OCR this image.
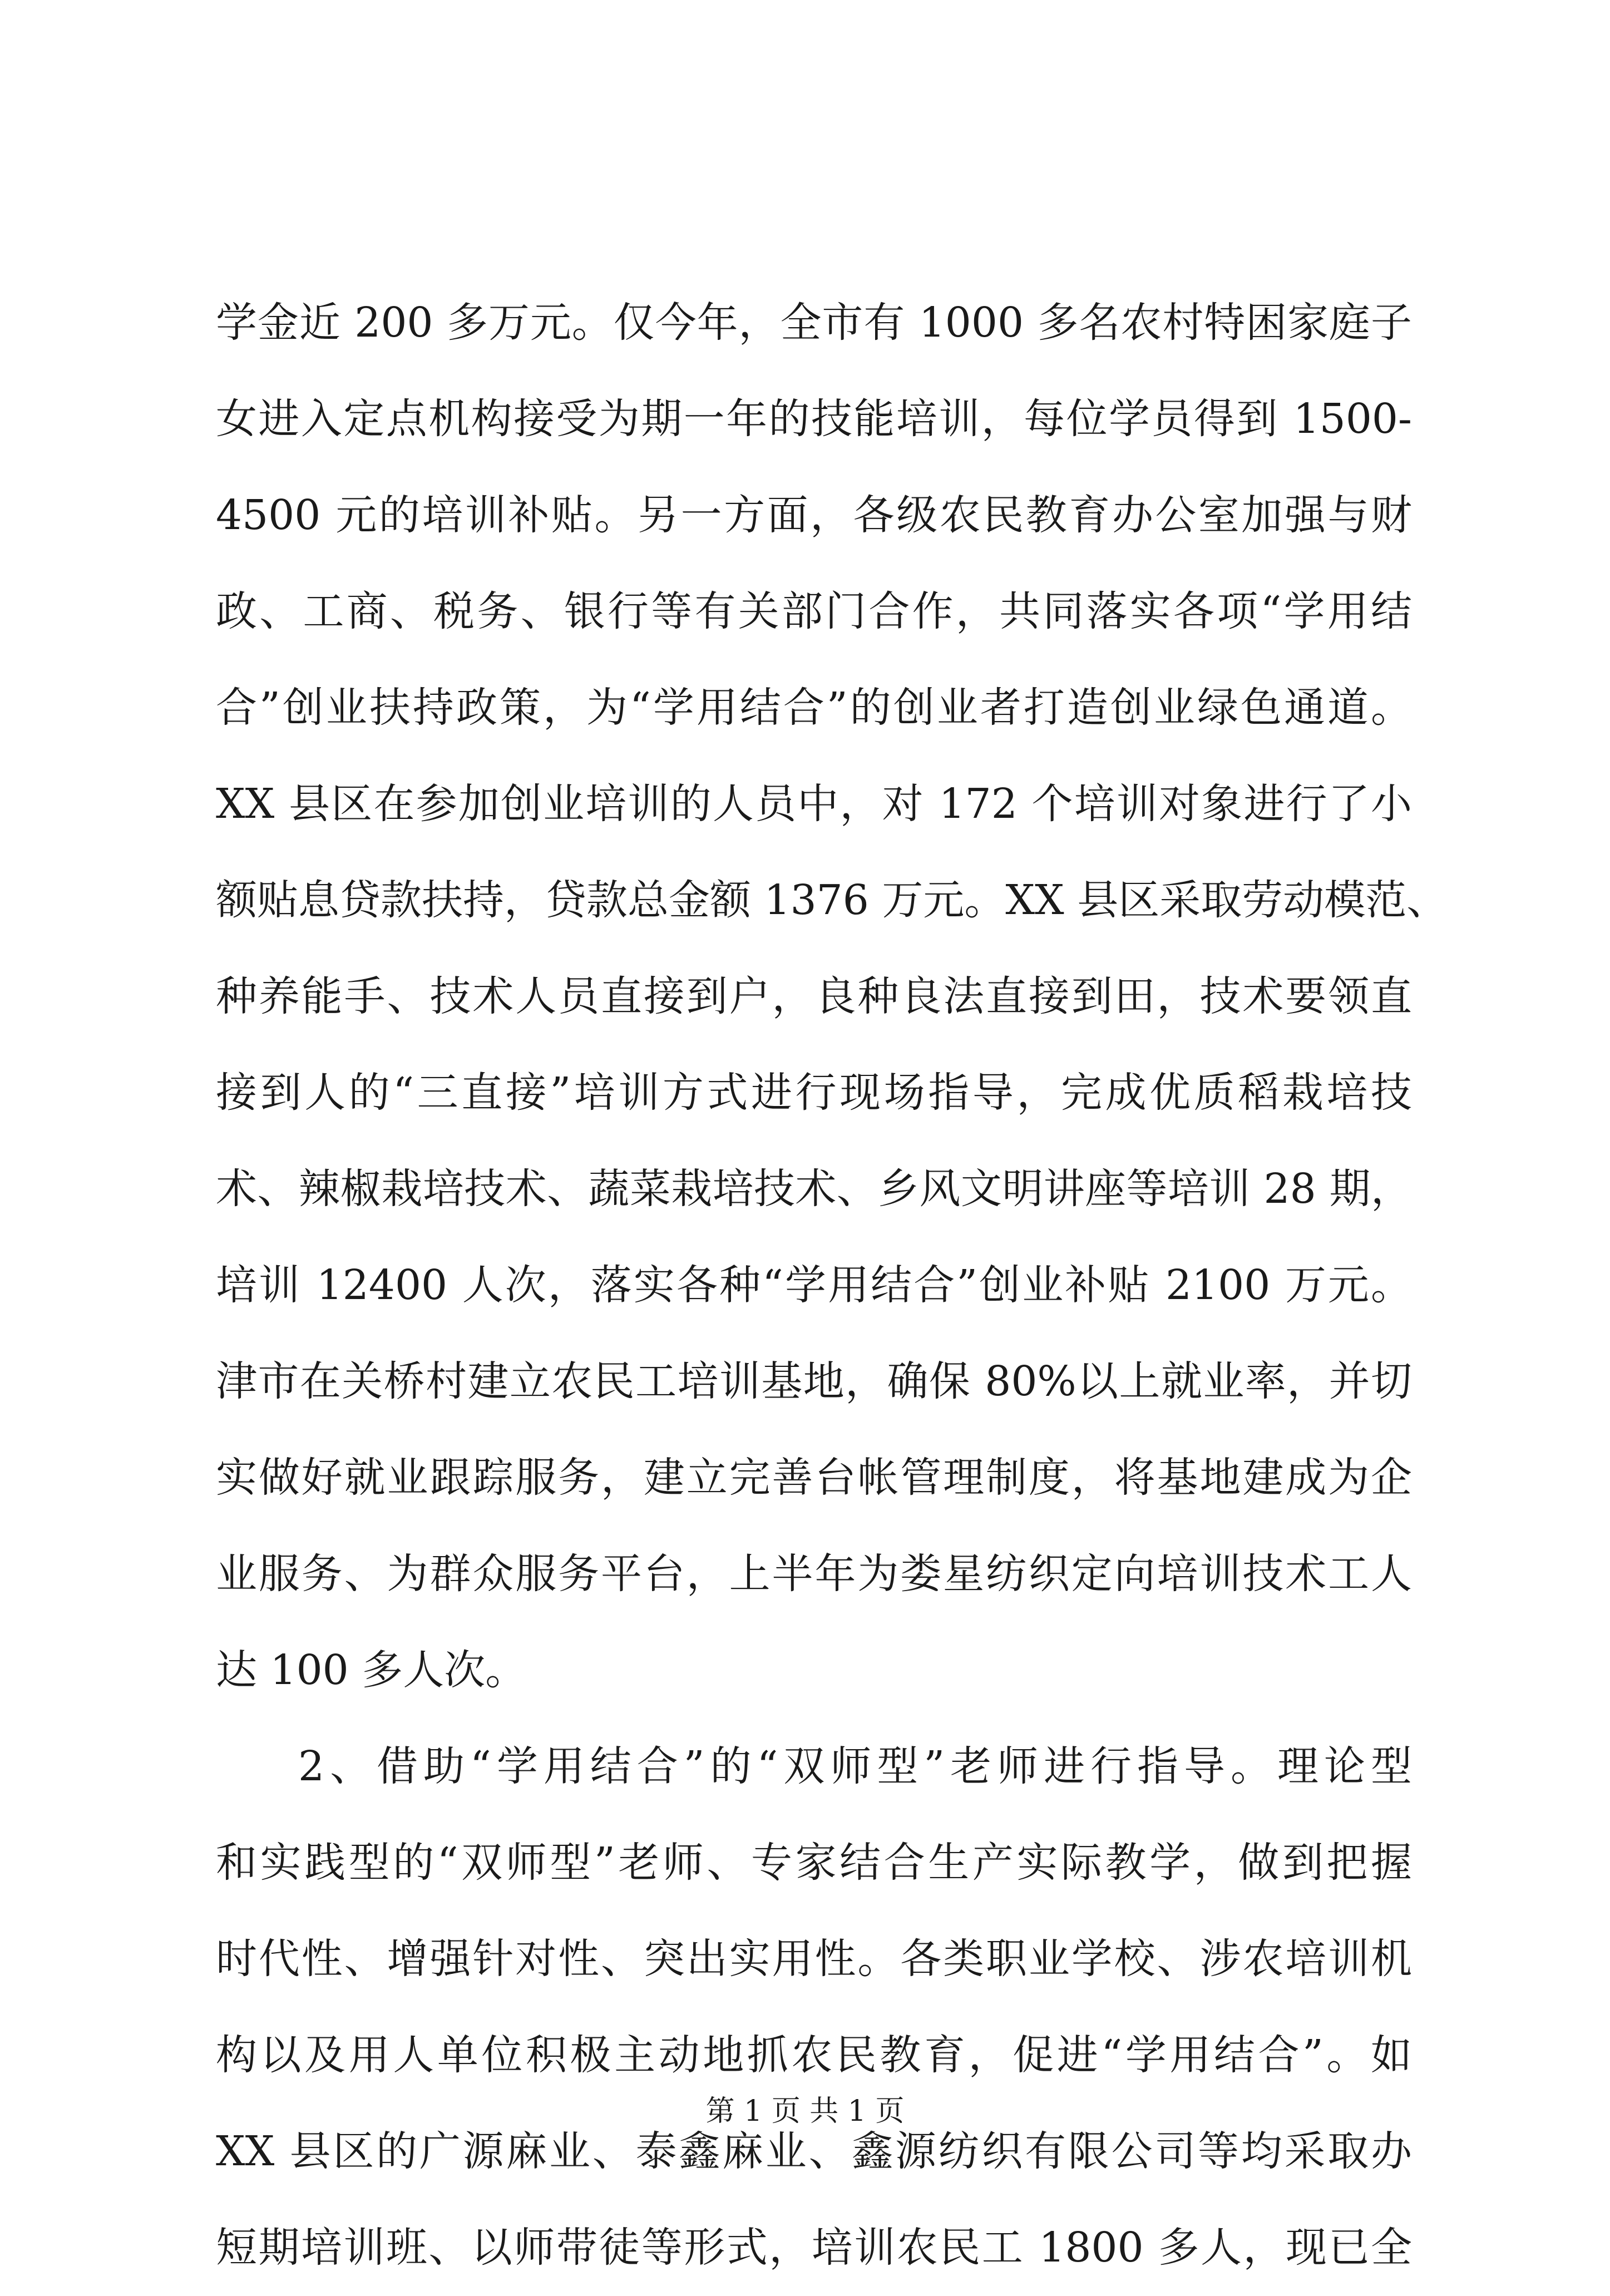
学金近 200 多万元。仅今年，全市有 1000 多名农村特困家庭子
女进入定点机构接受为期一年的技能培训，每位学员得到 1500-
4500 元的培训补贴。另一方面，各级农民教育办公室加强与财
政、工商、税务、银行等有关部门合作，共同落实各项“学用结
合”创业扶持政策，为“学用结合”的创业者打造创业绿色通道。
XX 县区在参加创业培训的人员中，对 172 个培训对象进行了小
额贴息贷款扶持，贷款总金额 1376 万元。XX 县区采取劳动模范、
种养能手、技术人员直接到户，良种良法直接到田，技术要领直
接到人的“三直接”培训方式进行现场指导，完成优质稻栽培技
术、辣椒栽培技术、蔬菜栽培技术、乡风文明讲座等培训 28 期，
培训 12400 人次，落实各种“学用结合”创业补贴 2100 万元。
津市在关桥村建立农民工培训基地，确保 80%以上就业率，并切
实做好就业跟踪服务，建立完善台帐管理制度，将基地建成为企
业服务、为群众服务平台，上半年为娄星纺织定向培训技术工人
达 100 多人次。
2、借助“学用结合”的“双师型”老师进行指导。理论型
和实践型的“双师型”老师、专家结合生产实际教学，做到把握
时代性、增强针对性、突出实用性。各类职业学校、涉农培训机
构以及用人单位积极主动地抓农民教育，促进“学用结合”。如
XX 县区的广源麻业、泰鑫麻业、鑫源纺织有限公司等均采取办
短期培训班、以师带徒等形式，培训农民工 1800 多人，现已全
第 1 页 共 1 页
